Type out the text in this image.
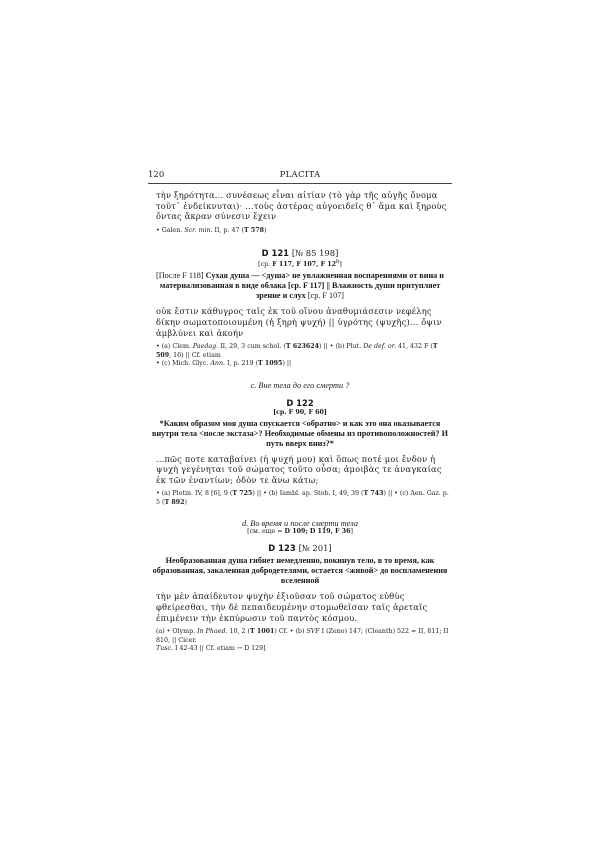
120	PLACITA

τὴν ξηρότητα... συνέσεως εἶναι αἰτίαν (τὸ γὰρ τῆς αὐγῆς ὄνομα τοῦτ᾽ ἐνδείκνυται)· ...τοὺς ἀστέρας αὐγοειδεῖς θ᾽ ἅμα καὶ ξηροὺς ὄντας ἄκραν σύνεσιν ἔχειν

• Galen. Scr. min. II, p. 47 (T 578)

D 121 [№ 85 198]
[ср. F 117, F 107, F 12$^b$]
[После F 118] Сухая душа — <душа> не увлажненная воспарениями от вина и материализованная в виде облака [ср. F 117] || Влажность души притупляет зрение и слух [ср. F 107]

οὐκ ἔστιν κάθυγρος ταῖς ἐκ τοῦ οἴνου ἀναθυμιάσεσιν νεφέλης δίκην σωματοποιουμένη (ἡ ξηρὴ ψυχή) || ὑγρότης (ψυχῆς)... ὄψιν ἀμβλύνει καὶ ἀκοήν

• (a) Clem. Paedag. II, 29, 3 cum schol. (T 623624) || • (b) Plut. De def. or. 41, 432 F (T 509, 16) || Cf. etiam
• (c) Mich. Glyc. Ann. I, p. 219 (T 1095) ||

с. Вне тела до его смерти ?
D 122
[ср. F 90, F 60]
*Каким образом моя душа спускается <обратно> и как это она оказывается внутри тела <после экстаза>? Необходимые обмены из противоположностей? И путь вверх вниз?*

...πῶς ποτε καταβαίνει (ἡ ψυχή μου) καὶ ὅπως ποτέ μοι ἔνδον ἡ ψυχὴ γεγένηται τοῦ σώματος τοῦτο οὖσα; ἀμοιβὰς τε ἀναγκαίας ἐκ τῶν ἐναντίων; ὁδὸν τε ἄνω κάτω;

• (a) Plotin. IV, 8 [6], 9 (T 725) || • (b) Iambl. ap. Stob. I, 49, 39 (T 743) || • (c) Aen. Gaz. p. 5 (T 892)

d. Во время и после смерти тела
[см. еще = D 109; D 119, F 36]
D 123 [№ 201]
Необразованная душа гибнет немедленно, покинув тело, в то время, как образованная, закаленная добродетелями, остается <живой> до воспламенения вселенной

τὴν μὲν ἀπαίδευτον ψυχὴν ἐξιοῦσαν τοῦ σώματος εὐθὺς φθείρεσθαι, τὴν δὲ πεπαιδευμένην στομωθεῖσαν ταῖς ἀρεταῖς ἐπιμένειν τὴν ἐκπύρωσιν τοῦ παντὸς κόσμου.

(a) • Olymp. In Phaed. 10, 2 (T 1001) Cf. • (b) SVF I (Zeno) 147; (Cleanth) 522 = II, 811; II 810, || Cicer.
Tusc. I 42-43 || Cf. etiam → D 129]
